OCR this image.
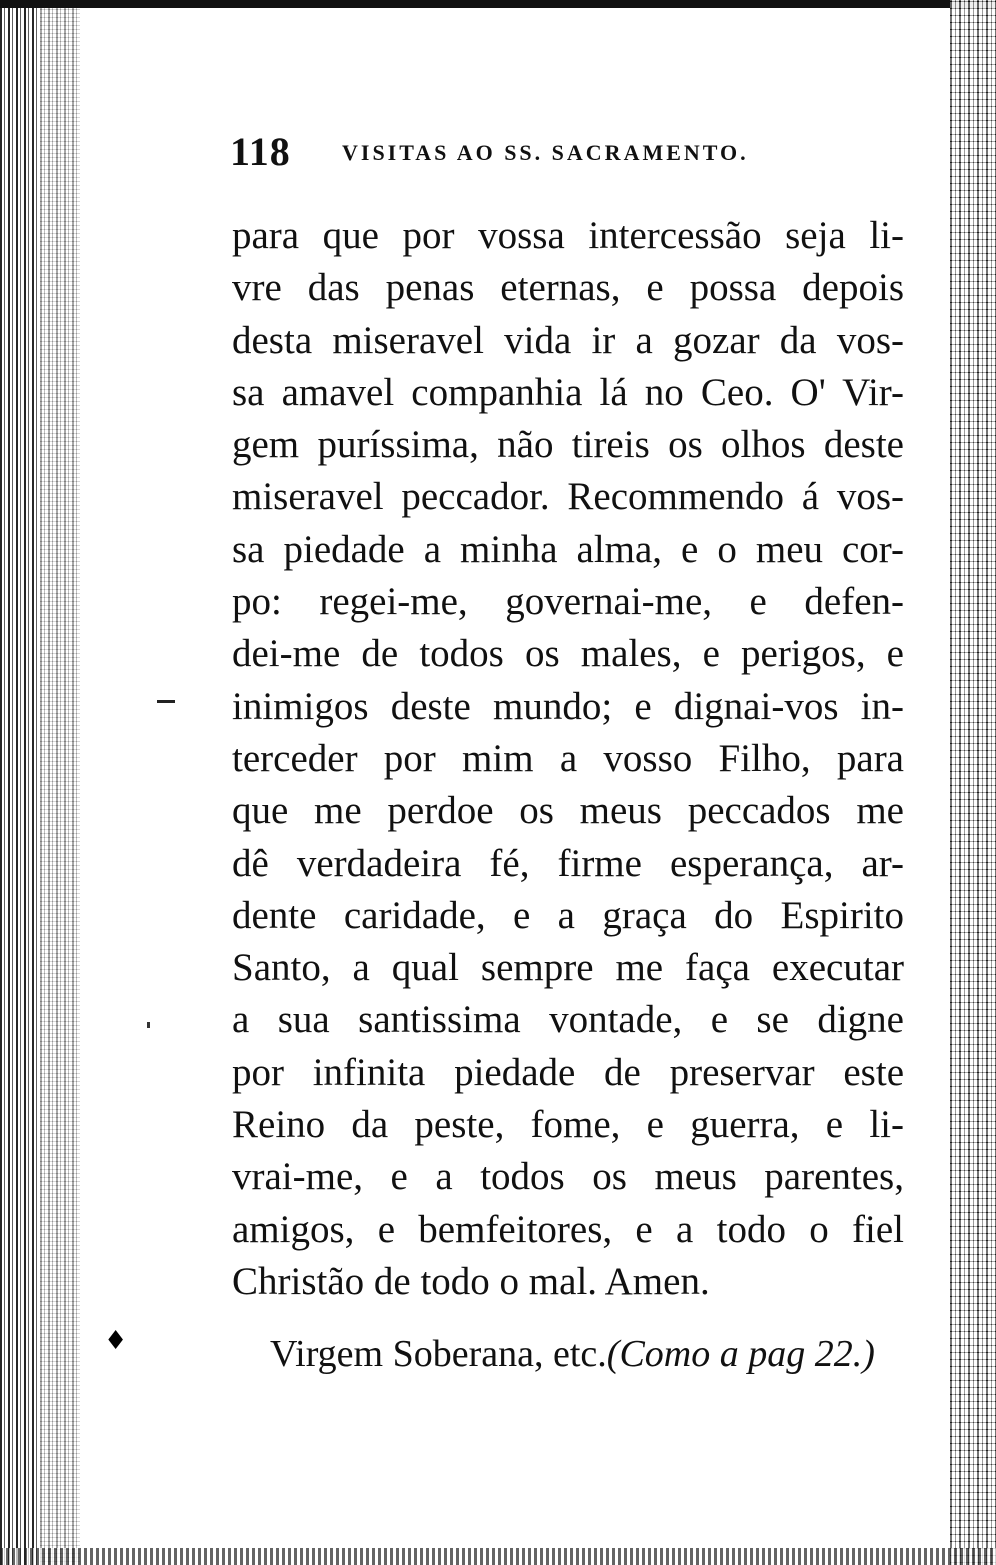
118 VISITAS AO SS. SACRAMENTO.
para que por vossa intercessão seja li-
vre das penas eternas, e possa depois
desta miseravel vida ir a gozar da vos-
sa amavel companhia lá no Ceo. O' Vir-
gem puríssima, não tireis os olhos deste
miseravel peccador. Recommendo á vos-
sa piedade a minha alma, e o meu cor-
po: regei-me, governai-me, e defen-
dei-me de todos os males, e perigos, e
inimigos deste mundo; e dignai-vos in-
terceder por mim a vosso Filho, para
que me perdoe os meus peccados me
dê verdadeira fé, firme esperança, ar-
dente caridade, e a graça do Espirito
Santo, a qual sempre me faça executar
a sua santissima vontade, e se digne
por infinita piedade de preservar este
Reino da peste, fome, e guerra, e li-
vrai-me, e a todos os meus parentes,
amigos, e bemfeitores, e a todo o fiel
Christão de todo o mal. Amen.
♦	Virgem Soberana, etc.(Como a pag 22.)
